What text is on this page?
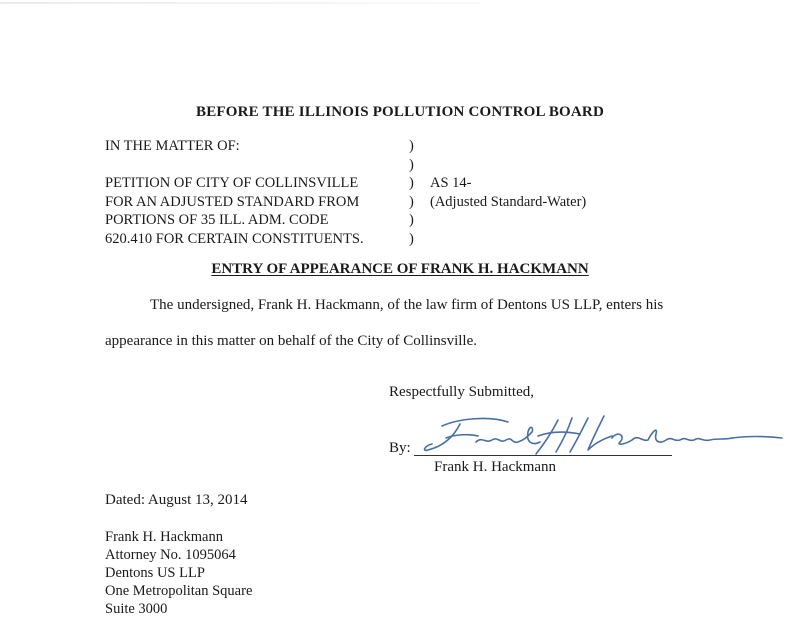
BEFORE THE ILLINOIS POLLUTION CONTROL BOARD
IN THE MATTER OF:	)
)
PETITION OF CITY OF COLLINSVILLE	)	AS 14-
FOR AN ADJUSTED STANDARD FROM	)	(Adjusted Standard-Water)
PORTIONS OF 35 ILL. ADM. CODE	)
620.410 FOR CERTAIN CONSTITUENTS.	)
ENTRY OF APPEARANCE OF FRANK H. HACKMANN
The undersigned, Frank H. Hackmann, of the law firm of Dentons US LLP, enters his
appearance in this matter on behalf of the City of Collinsville.
Respectfully Submitted,
By:
Frank H. Hackmann
Dated: August 13, 2014
Frank H. Hackmann
Attorney No. 1095064
Dentons US LLP
One Metropolitan Square
Suite 3000
